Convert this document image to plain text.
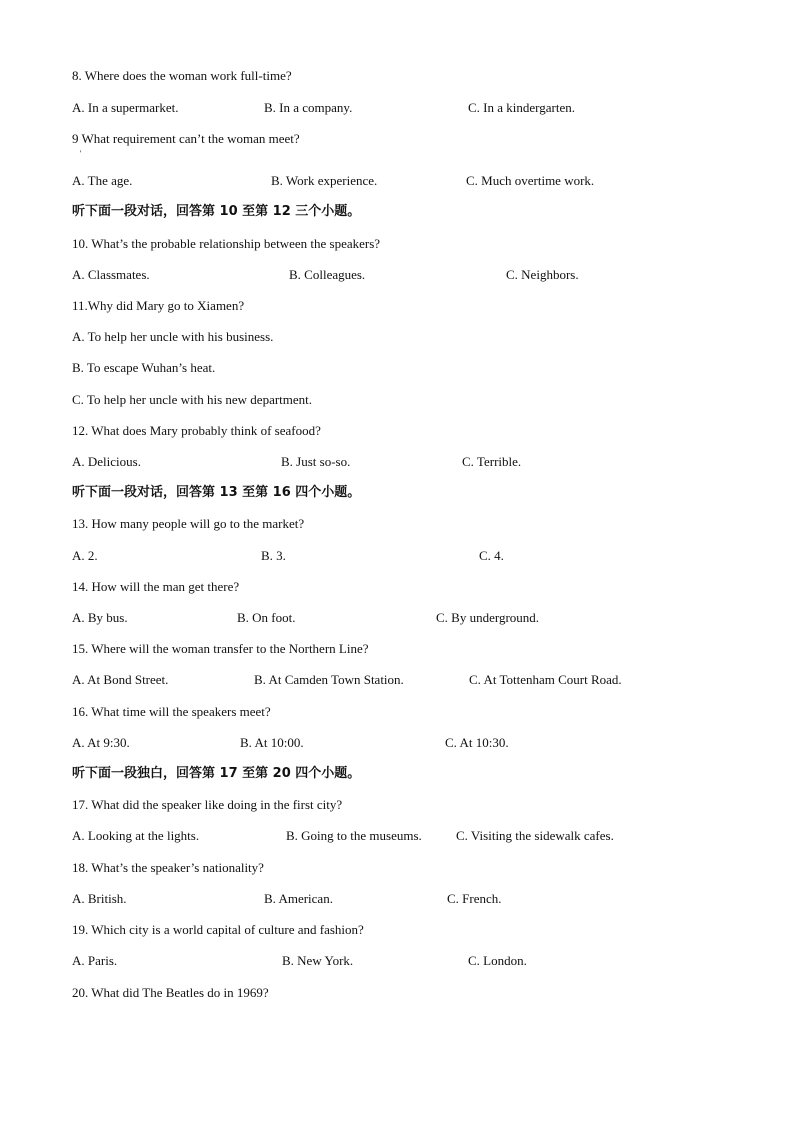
8. Where does the woman work full-time?
A. In a supermarket.	B. In a company.	C. In a kindergarten.
9 What requirement can’t the woman meet?
'
A. The age.	B. Work experience.	C. Much overtime work.
听下面一段对话，回答第 10 至第 12 三个小题。
10. What’s the probable relationship between the speakers?
A. Classmates.	B. Colleagues.	C. Neighbors.
11.Why did Mary go to Xiamen?
A. To help her uncle with his business.
B. To escape Wuhan’s heat.
C. To help her uncle with his new department.
12. What does Mary probably think of seafood?
A. Delicious.	B. Just so-so.	C. Terrible.
听下面一段对话，回答第 13 至第 16 四个小题。
13. How many people will go to the market?
A. 2.	B. 3.	C. 4.
14. How will the man get there?
A. By bus.	B. On foot.	C. By underground.
15. Where will the woman transfer to the Northern Line?
A. At Bond Street.	B. At Camden Town Station.	C. At Tottenham Court Road.
16. What time will the speakers meet?
A. At 9:30.	B. At 10:00.	C. At 10:30.
听下面一段独白，回答第 17 至第 20 四个小题。
17. What did the speaker like doing in the first city?
A. Looking at the lights.	B. Going to the museums.	C. Visiting the sidewalk cafes.
18. What’s the speaker’s nationality?
A. British.	B. American.	C. French.
19. Which city is a world capital of culture and fashion?
A. Paris.	B. New York.	C. London.
20. What did The Beatles do in 1969?
